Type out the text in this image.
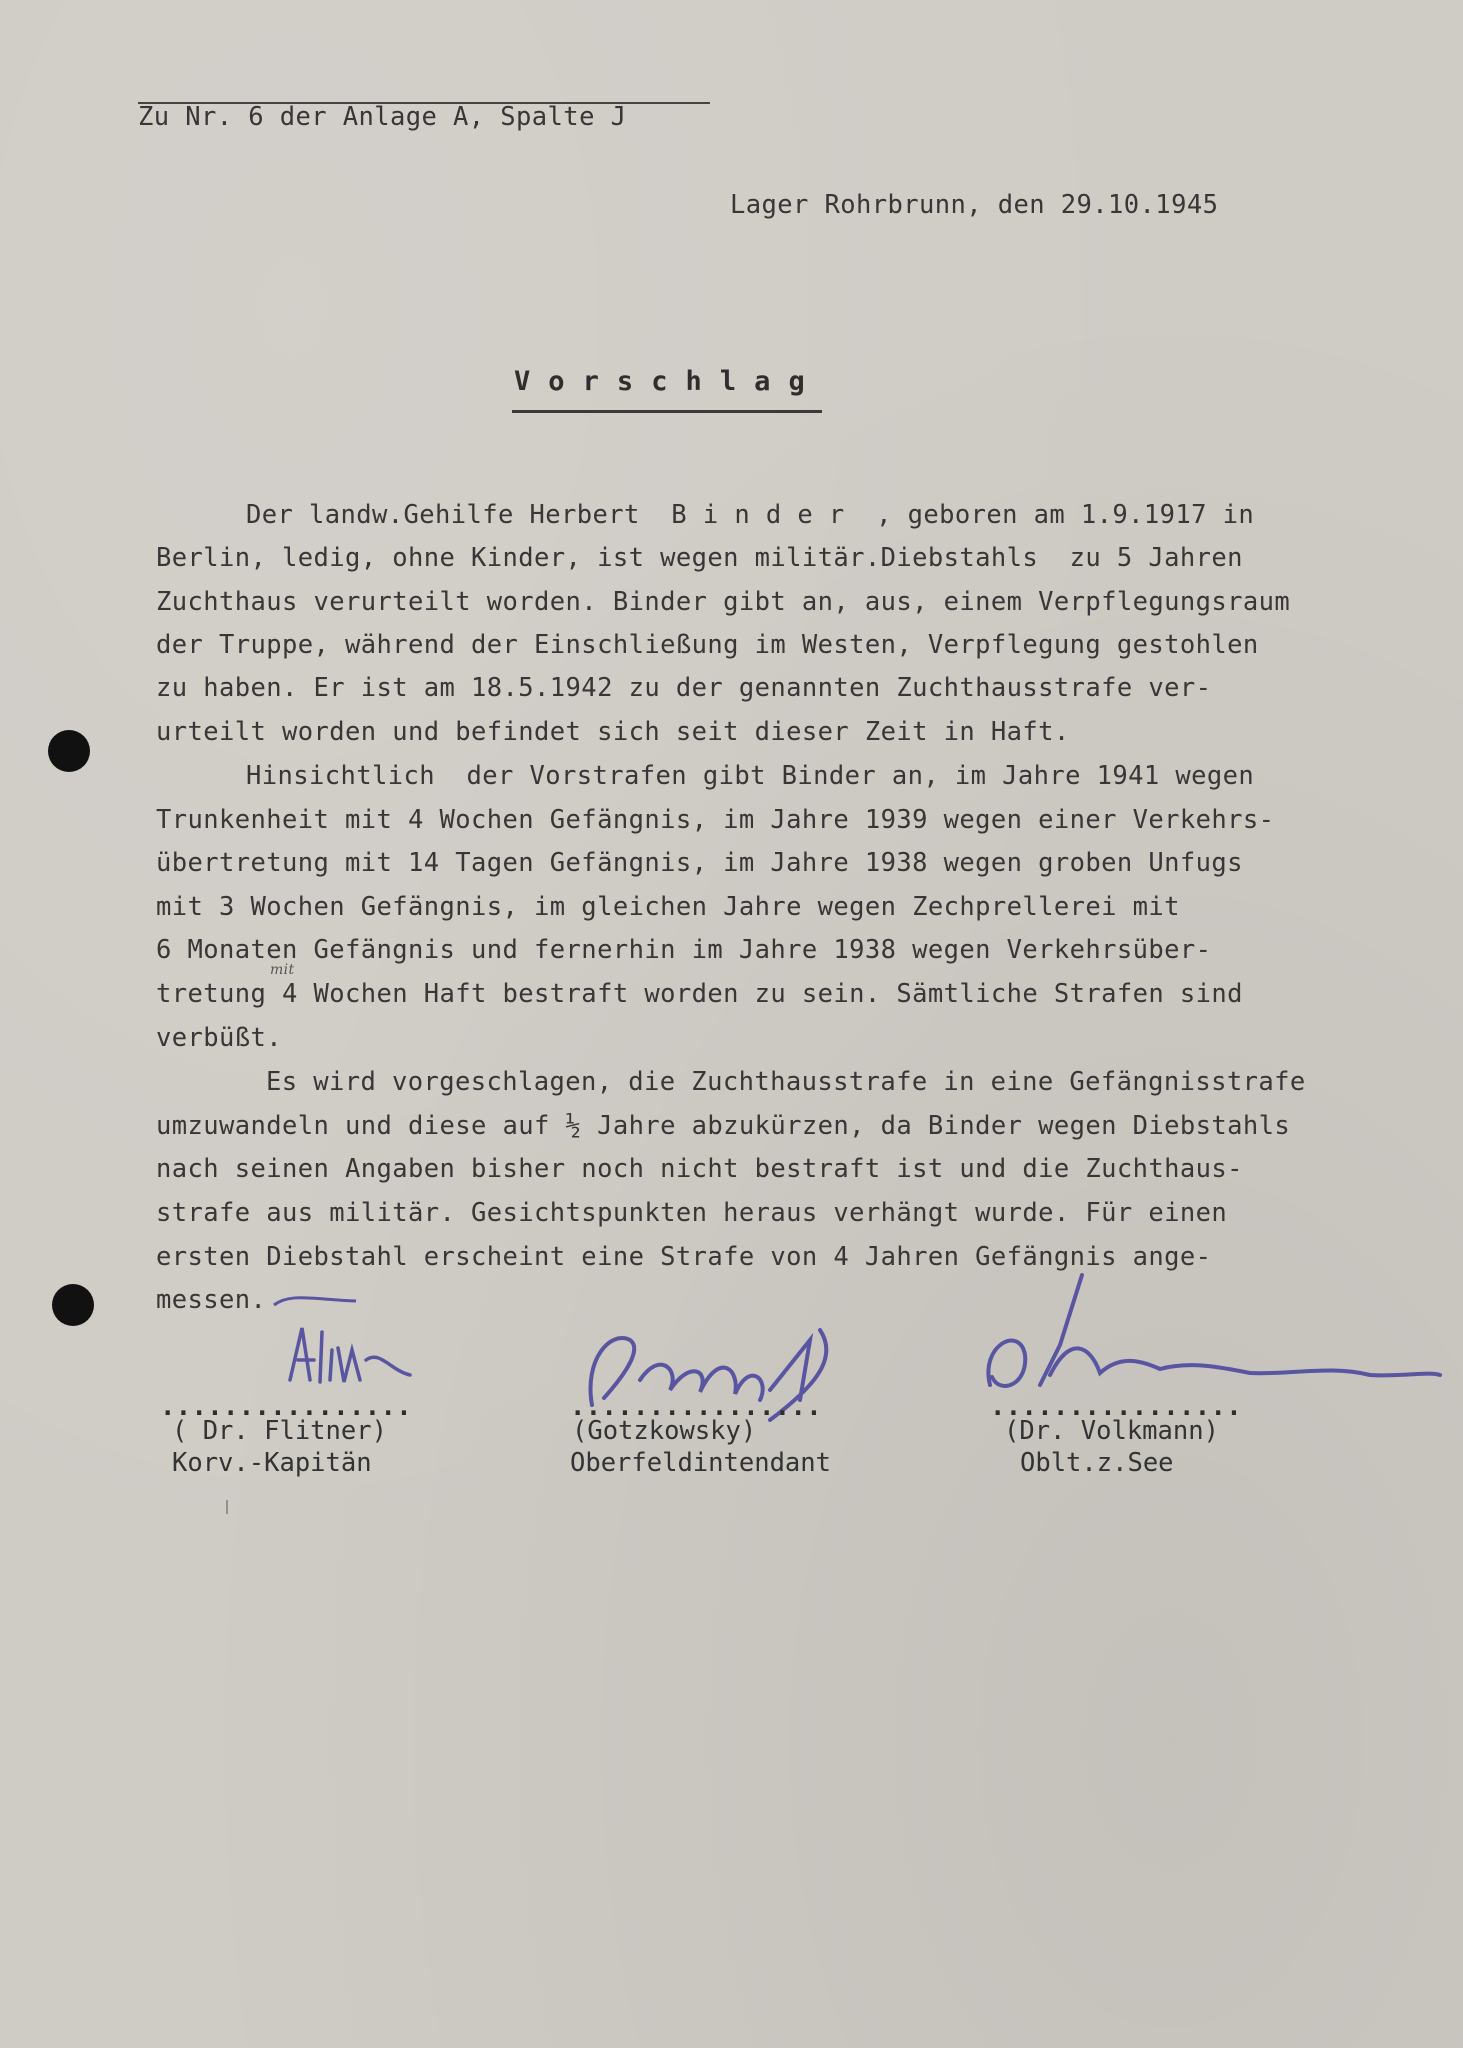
Zu Nr. 6 der Anlage A, Spalte J
Lager Rohrbrunn, den 29.10.1945
V o r s c h l a g
Der landw.Gehilfe Herbert  B i n d e r  , geboren am 1.9.1917 in
Berlin, ledig, ohne Kinder, ist wegen militär.Diebstahls  zu 5 Jahren
Zuchthaus verurteilt worden. Binder gibt an, aus, einem Verpflegungsraum
der Truppe, während der Einschließung im Westen, Verpflegung gestohlen
zu haben. Er ist am 18.5.1942 zu der genannten Zuchthausstrafe ver-
urteilt worden und befindet sich seit dieser Zeit in Haft.
Hinsichtlich  der Vorstrafen gibt Binder an, im Jahre 1941 wegen
Trunkenheit mit 4 Wochen Gefängnis, im Jahre 1939 wegen einer Verkehrs-
übertretung mit 14 Tagen Gefängnis, im Jahre 1938 wegen groben Unfugs
mit 3 Wochen Gefängnis, im gleichen Jahre wegen Zechprellerei mit
6 Monaten Gefängnis und fernerhin im Jahre 1938 wegen Verkehrsüber-
mit
tretung 4 Wochen Haft bestraft worden zu sein. Sämtliche Strafen sind
verbüßt.
Es wird vorgeschlagen, die Zuchthausstrafe in eine Gefängnisstrafe
umzuwandeln und diese auf ½ Jahre abzukürzen, da Binder wegen Diebstahls
nach seinen Angaben bisher noch nicht bestraft ist und die Zuchthaus-
strafe aus militär. Gesichtspunkten heraus verhängt wurde. Für einen
ersten Diebstahl erscheint eine Strafe von 4 Jahren Gefängnis ange-
messen.
................	................	................
( Dr. Flitner)
Korv.-Kapitän
(Gotzkowsky)
Oberfeldintendant
(Dr. Volkmann)
Oblt.z.See
